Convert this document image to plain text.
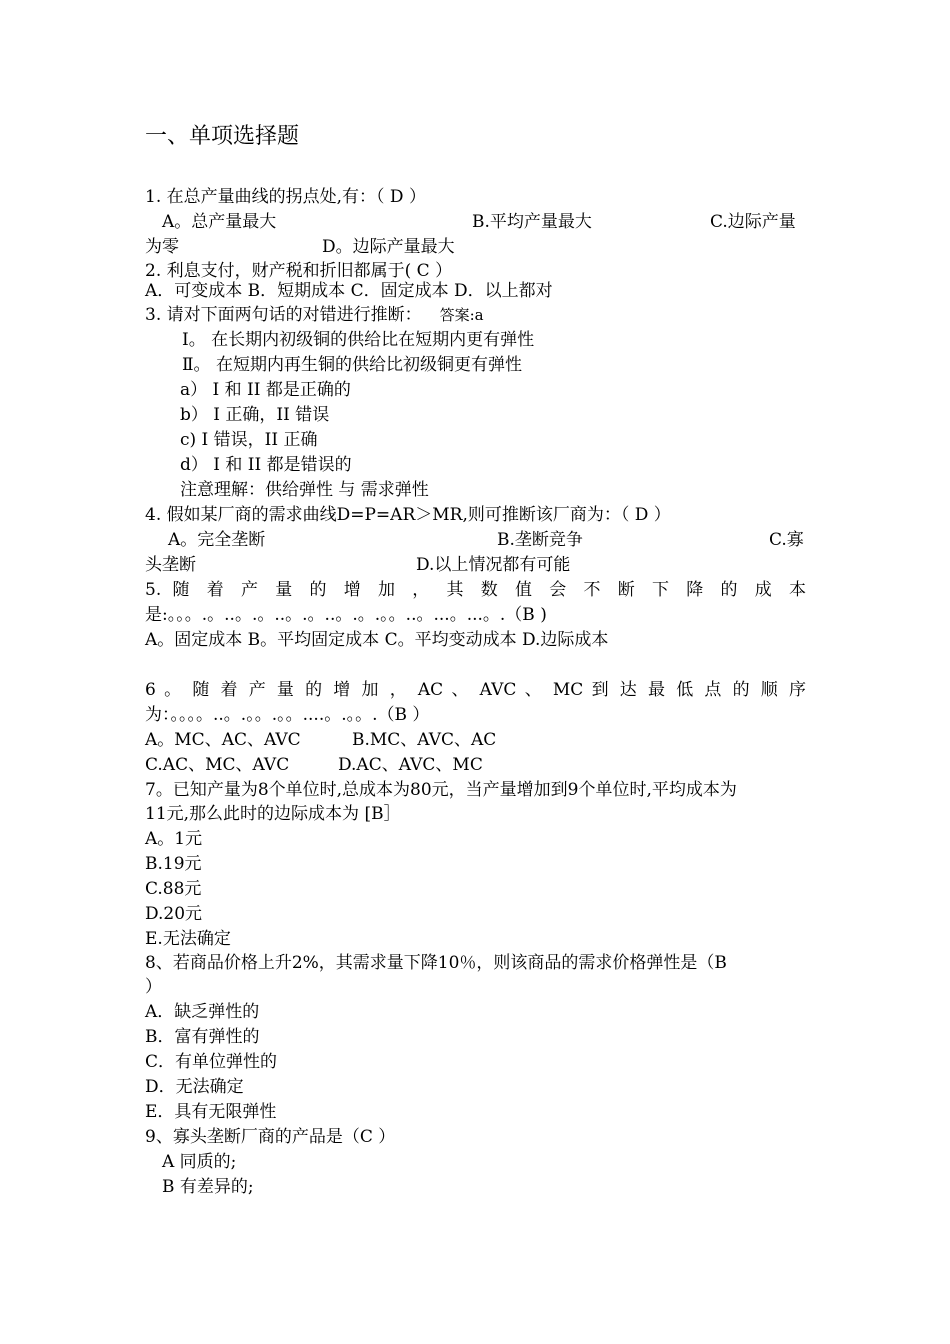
一、单项选择题
1. 在总产量曲线的拐点处,有：（ D ）
A。总产量最大	B.平均产量最大	C.边际产量
为零	D。边际产量最大
2. 利息支付，财产税和折旧都属于( C ）
A．可变成本 B．短期成本 C．固定成本 D．以上都对
3. 请对下面两句话的对错进行推断： 答案:a
Ⅰ。 在长期内初级铜的供给比在短期内更有弹性
Ⅱ。 在短期内再生铜的供给比初级铜更有弹性
a） I 和 II 都是正确的
b） I 正确，II 错误
c) I 错误，II 正确
d） I 和 II 都是错误的
注意理解：供给弹性 与 需求弹性
4. 假如某厂商的需求曲线D=P=AR＞MR,则可推断该厂商为：（ D ）
A。完全垄断	B.垄断竞争	C.寡
头垄断	D.以上情况都有可能
5. 随 着 产 量 的 增 加 ， 其 数 值 会 不 断 下 降 的 成 本
是:。。。.。..。.。..。.。..。.。.。。..。...。...。.（B )
A。固定成本 B。平均固定成本 C。平均变动成本 D.边际成本
6 。 随 着 产 量 的 增 加 ， AC 、 AVC 、 MC 到 达 最 低 点 的 顺 序
为：。。。。..。.。。.。。....。.。。.（B ）
A。MC、AC、AVC	B.MC、AVC、AC
C.AC、MC、AVC	D.AC、AVC、MC
7。已知产量为8个单位时,总成本为80元，当产量增加到9个单位时,平均成本为
11元,那么此时的边际成本为 [B］
A。1元
B.19元
C.88元
D.20元
E.无法确定
8、若商品价格上升2%，其需求量下降10％，则该商品的需求价格弹性是（B
）
A．缺乏弹性的
B．富有弹性的
C．有单位弹性的
D．无法确定
E．具有无限弹性
9、寡头垄断厂商的产品是（C ）
A 同质的;
B 有差异的;
